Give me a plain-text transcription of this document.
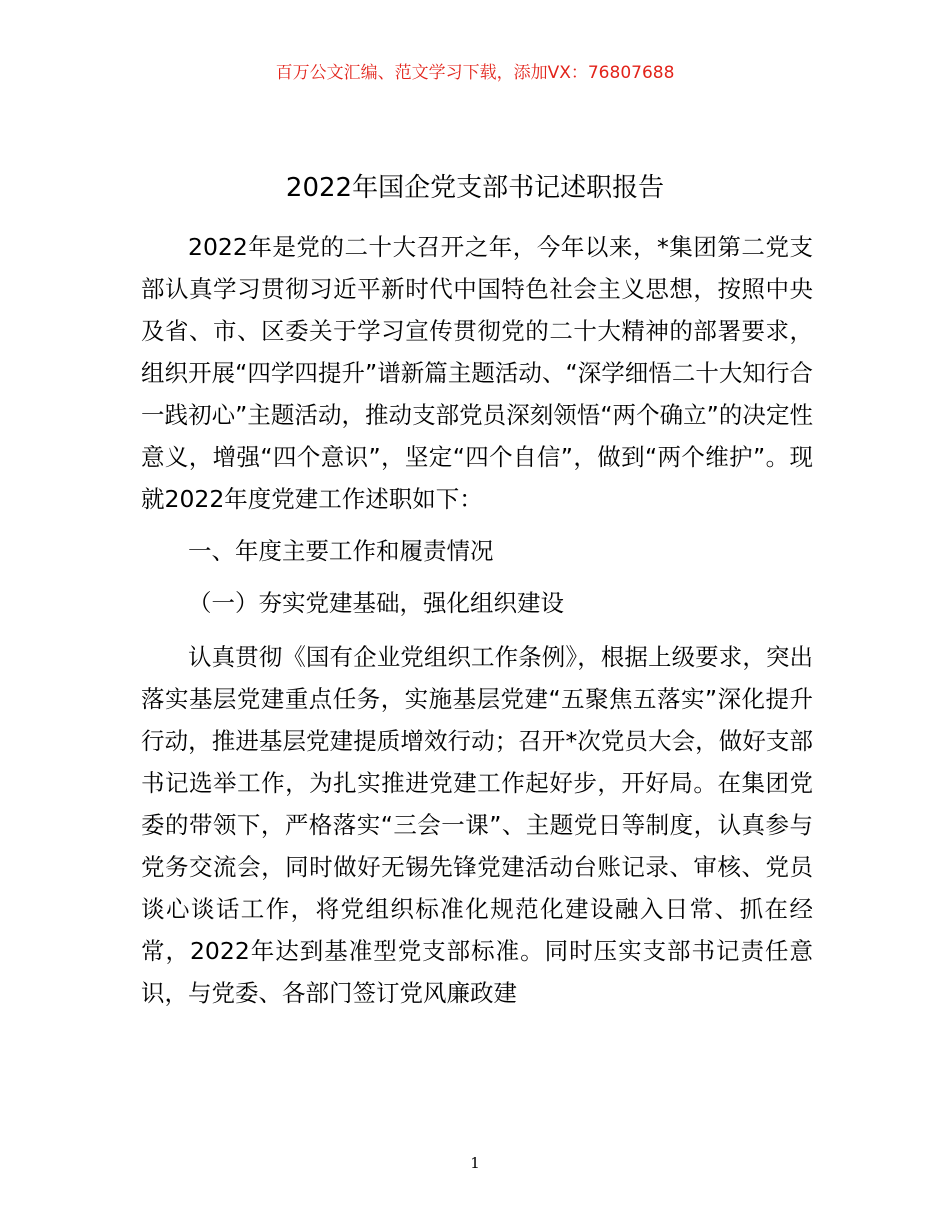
百万公文汇编、范文学习下载，添加VX：76807688
2022年国企党支部书记述职报告

2022年是党的二十大召开之年，今年以来，*集团第二党支部认真学习贯彻习近平新时代中国特色社会主义思想，按照中央及省、市、区委关于学习宣传贯彻党的二十大精神的部署要求，组织开展“四学四提升”谱新篇主题活动、“深学细悟二十大知行合一践初心”主题活动，推动支部党员深刻领悟“两个确立”的决定性意义，增强“四个意识”，坚定“四个自信”，做到“两个维护”。现就2022年度党建工作述职如下：

一、年度主要工作和履责情况

（一）夯实党建基础，强化组织建设

认真贯彻《国有企业党组织工作条例》，根据上级要求，突出落实基层党建重点任务，实施基层党建“五聚焦五落实”深化提升行动，推进基层党建提质增效行动；召开*次党员大会，做好支部书记选举工作，为扎实推进党建工作起好步，开好局。在集团党委的带领下，严格落实“三会一课”、主题党日等制度，认真参与党务交流会，同时做好无锡先锋党建活动台账记录、审核、党员谈心谈话工作，将党组织标准化规范化建设融入日常、抓在经常，2022年达到基准型党支部标准。同时压实支部书记责任意识，与党委、各部门签订党风廉政建

1
